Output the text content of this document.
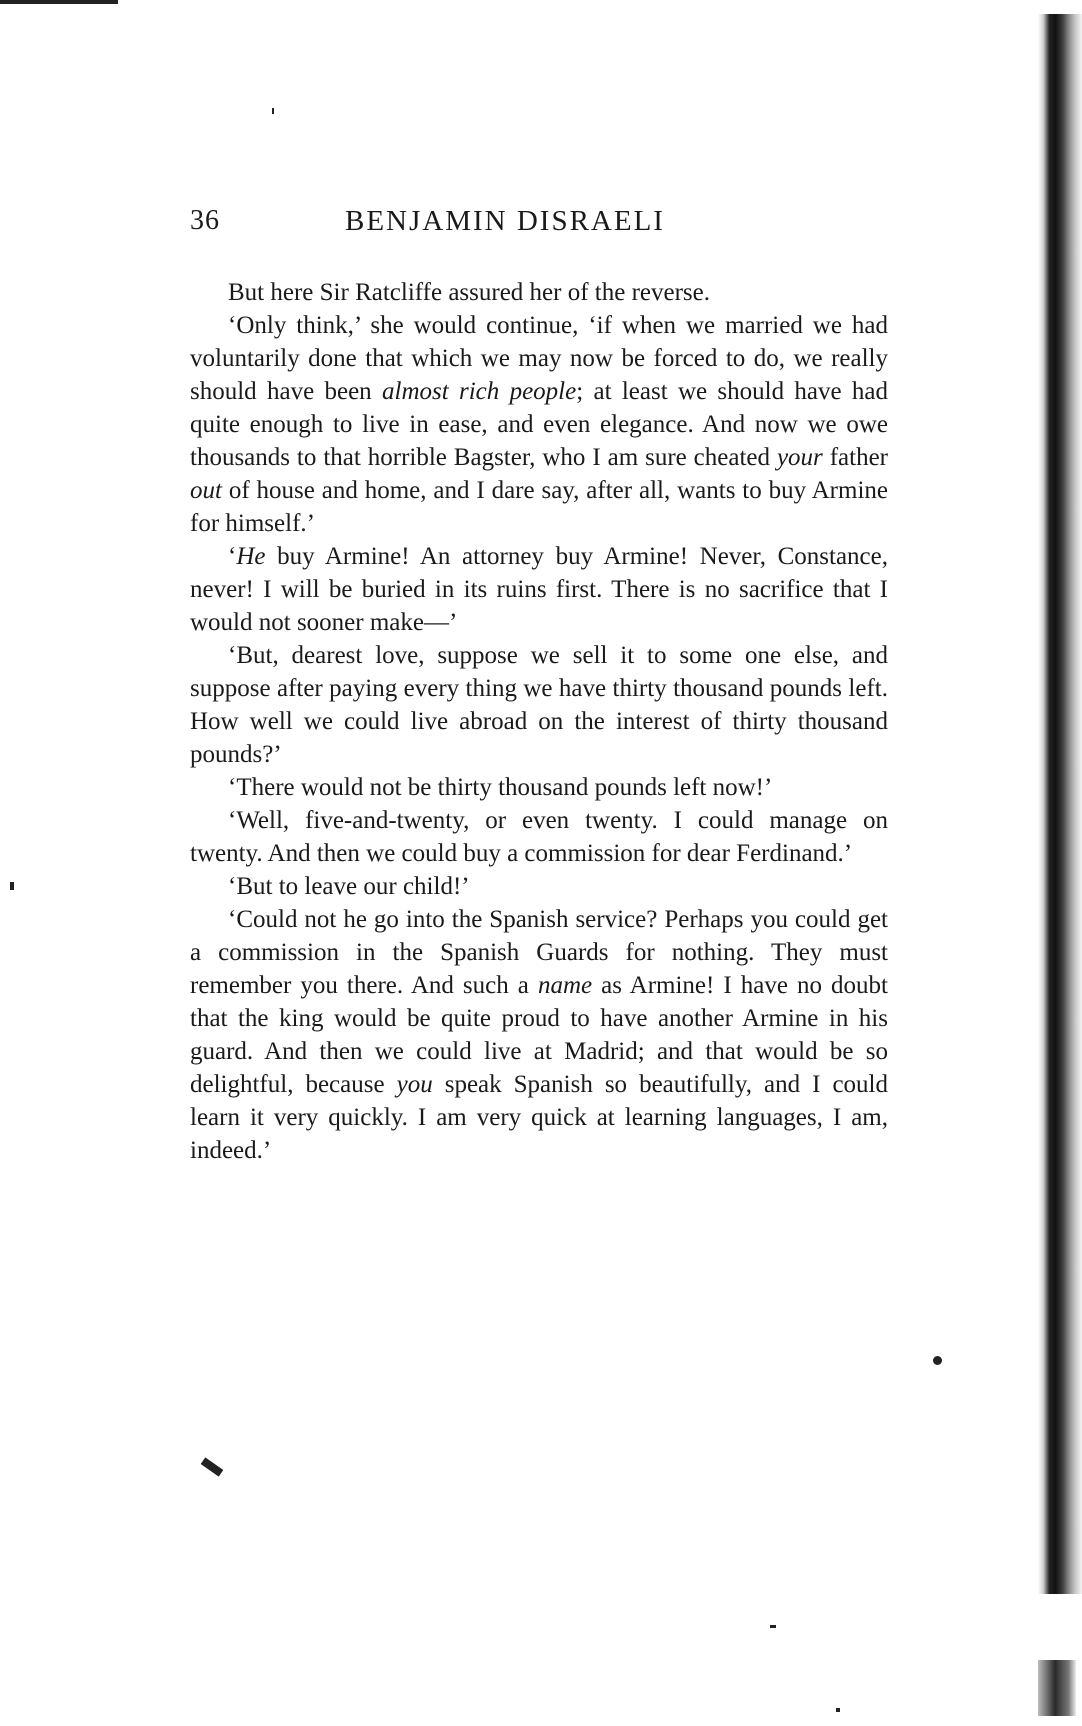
36	BENJAMIN DISRAELI

But here Sir Ratcliffe assured her of the reverse.

‘Only think,’ she would continue, ‘if when we married we had voluntarily done that which we may now be forced to do, we really should have been almost rich people; at least we should have had quite enough to live in ease, and even elegance. And now we owe thousands to that horrible Bagster, who I am sure cheated your father out of house and home, and I dare say, after all, wants to buy Armine for himself.’

‘He buy Armine! An attorney buy Armine! Never, Constance, never! I will be buried in its ruins first. There is no sacrifice that I would not sooner make—’

‘But, dearest love, suppose we sell it to some one else, and suppose after paying every thing we have thirty thousand pounds left. How well we could live abroad on the interest of thirty thousand pounds?’

‘There would not be thirty thousand pounds left now!’

‘Well, five-and-twenty, or even twenty. I could manage on twenty. And then we could buy a commission for dear Ferdinand.’

‘But to leave our child!’

‘Could not he go into the Spanish service? Perhaps you could get a commission in the Spanish Guards for nothing. They must remember you there. And such a name as Armine! I have no doubt that the king would be quite proud to have another Armine in his guard. And then we could live at Madrid; and that would be so delightful, because you speak Spanish so beautifully, and I could learn it very quickly. I am very quick at learning languages, I am, indeed.’
